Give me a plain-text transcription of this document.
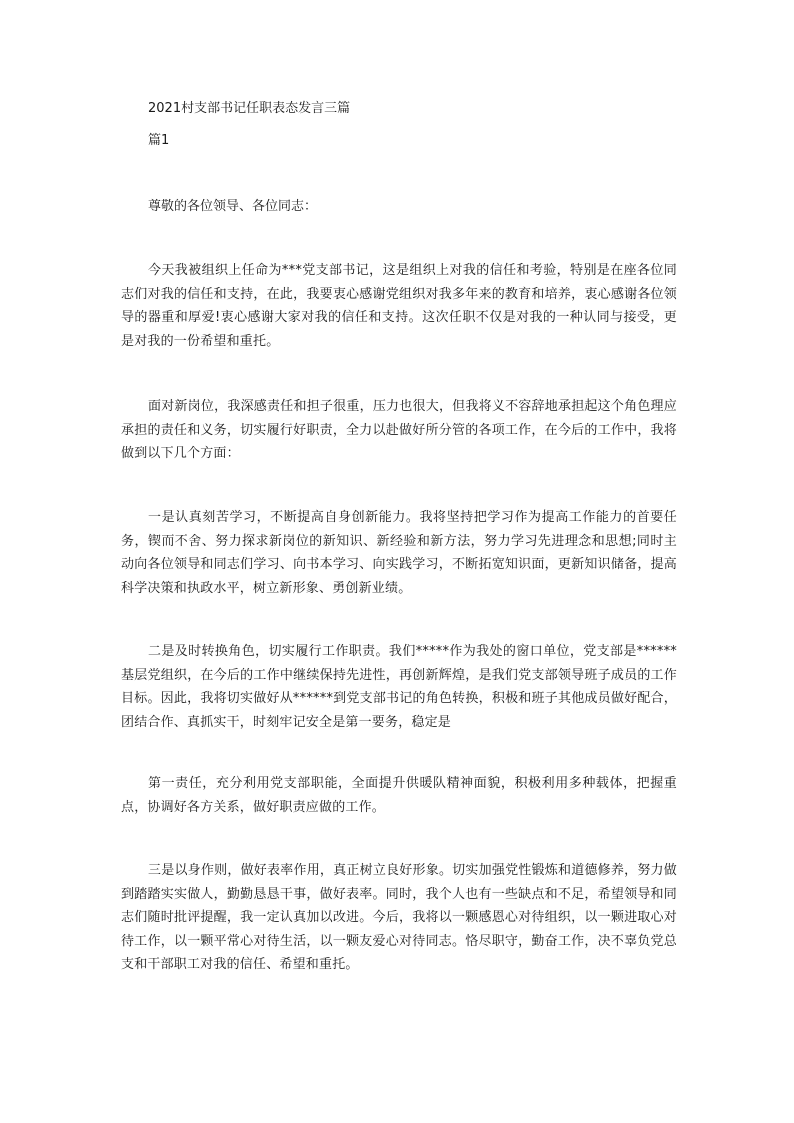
2021村支部书记任职表态发言三篇
篇1

尊敬的各位领导、各位同志：

今天我被组织上任命为***党支部书记，这是组织上对我的信任和考验，特别是在座各位同志们对我的信任和支持，在此，我要衷心感谢党组织对我多年来的教育和培养，衷心感谢各位领导的器重和厚爱!衷心感谢大家对我的信任和支持。这次任职不仅是对我的一种认同与接受，更是对我的一份希望和重托。

面对新岗位，我深感责任和担子很重，压力也很大，但我将义不容辞地承担起这个角色理应承担的责任和义务，切实履行好职责，全力以赴做好所分管的各项工作，在今后的工作中，我将做到以下几个方面：

一是认真刻苦学习，不断提高自身创新能力。我将坚持把学习作为提高工作能力的首要任务，锲而不舍、努力探求新岗位的新知识、新经验和新方法，努力学习先进理念和思想;同时主动向各位领导和同志们学习、向书本学习、向实践学习，不断拓宽知识面，更新知识储备，提高科学决策和执政水平，树立新形象、勇创新业绩。

二是及时转换角色，切实履行工作职责。我们*****作为我处的窗口单位，党支部是******基层党组织，在今后的工作中继续保持先进性，再创新辉煌，是我们党支部领导班子成员的工作目标。因此，我将切实做好从******到党支部书记的角色转换，积极和班子其他成员做好配合，团结合作、真抓实干，时刻牢记安全是第一要务，稳定是

第一责任，充分利用党支部职能，全面提升供暖队精神面貌，积极利用多种载体，把握重点，协调好各方关系，做好职责应做的工作。

三是以身作则，做好表率作用，真正树立良好形象。切实加强党性锻炼和道德修养，努力做到踏踏实实做人，勤勤恳恳干事，做好表率。同时，我个人也有一些缺点和不足，希望领导和同志们随时批评提醒，我一定认真加以改进。今后，我将以一颗感恩心对待组织，以一颗进取心对待工作，以一颗平常心对待生活，以一颗友爱心对待同志。恪尽职守，勤奋工作，决不辜负党总支和干部职工对我的信任、希望和重托。
